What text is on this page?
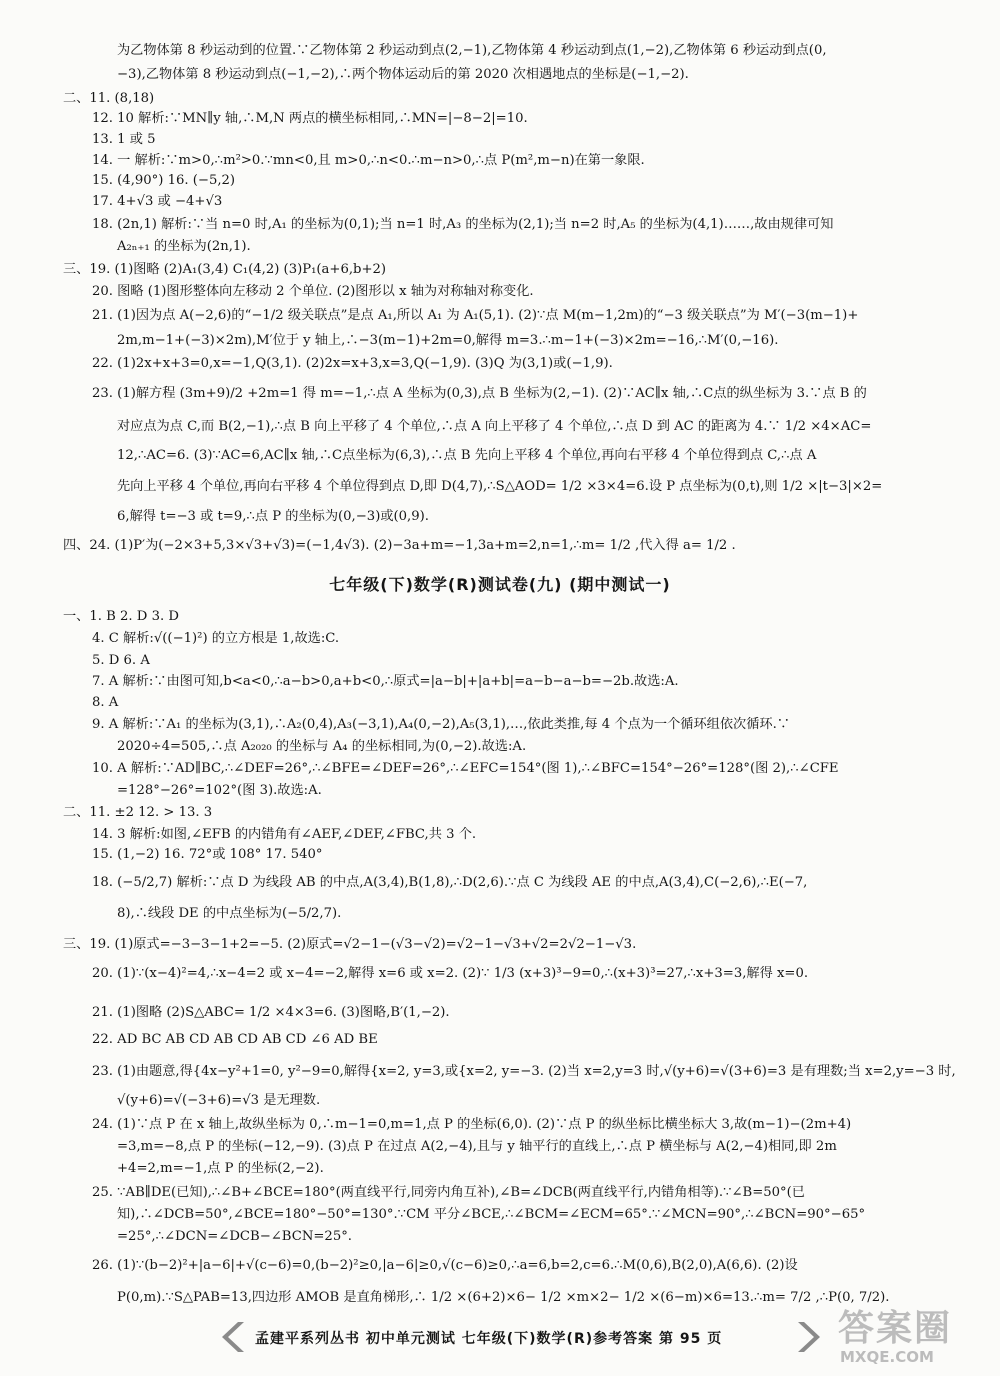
为乙物体第 8 秒运动到的位置.∵乙物体第 2 秒运动到点(2,−1),乙物体第 4 秒运动到点(1,−2),乙物体第 6 秒运动到点(0,
−3),乙物体第 8 秒运动到点(−1,−2),∴两个物体运动后的第 2020 次相遇地点的坐标是(−1,−2).
二、11. (8,18)
12. 10 解析:∵MN∥y 轴,∴M,N 两点的横坐标相同,∴MN=|−8−2|=10.
13. 1 或 5
14. 一 解析:∵m>0,∴m²>0.∵mn<0,且 m>0,∴n<0.∴m−n>0,∴点 P(m²,m−n)在第一象限.
15. (4,90°) 16. (−5,2)
17. 4+√3 或 −4+√3
18. (2n,1) 解析:∵当 n=0 时,A₁ 的坐标为(0,1);当 n=1 时,A₃ 的坐标为(2,1);当 n=2 时,A₅ 的坐标为(4,1)……,故由规律可知
A₂ₙ₊₁ 的坐标为(2n,1).
三、19. (1)图略 (2)A₁(3,4) C₁(4,2) (3)P₁(a+6,b+2)
20. 图略 (1)图形整体向左移动 2 个单位. (2)图形以 x 轴为对称轴对称变化.
21. (1)因为点 A(−2,6)的“−1/2 级关联点”是点 A₁,所以 A₁ 为 A₁(5,1). (2)∵点 M(m−1,2m)的“−3 级关联点”为 M′(−3(m−1)+
2m,m−1+(−3)×2m),M′位于 y 轴上,∴−3(m−1)+2m=0,解得 m=3.∴m−1+(−3)×2m=−16,∴M′(0,−16).
22. (1)2x+x+3=0,x=−1,Q(3,1). (2)2x=x+3,x=3,Q(−1,9). (3)Q 为(3,1)或(−1,9).
23. (1)解方程 (3m+9)/2 +2m=1 得 m=−1,∴点 A 坐标为(0,3),点 B 坐标为(2,−1). (2)∵AC∥x 轴,∴C点的纵坐标为 3.∵点 B 的
对应点为点 C,而 B(2,−1),∴点 B 向上平移了 4 个单位,∴点 A 向上平移了 4 个单位,∴点 D 到 AC 的距离为 4.∵ 1/2 ×4×AC=
12,∴AC=6. (3)∵AC=6,AC∥x 轴,∴C点坐标为(6,3),∴点 B 先向上平移 4 个单位,再向右平移 4 个单位得到点 C,∴点 A
先向上平移 4 个单位,再向右平移 4 个单位得到点 D,即 D(4,7),∴S△AOD= 1/2 ×3×4=6.设 P 点坐标为(0,t),则 1/2 ×|t−3|×2=
6,解得 t=−3 或 t=9,∴点 P 的坐标为(0,−3)或(0,9).
四、24. (1)P′为(−2×3+5,3×√3+√3)=(−1,4√3). (2)−3a+m=−1,3a+m=2,n=1,∴m= 1/2 ,代入得 a= 1/2 .
七年级(下)数学(R)测试卷(九) (期中测试一)
一、1. B 2. D 3. D
4. C 解析:√((−1)²) 的立方根是 1,故选:C.
5. D 6. A
7. A 解析:∵由图可知,b<a<0,∴a−b>0,a+b<0,∴原式=|a−b|+|a+b|=a−b−a−b=−2b.故选:A.
8. A
9. A 解析:∵A₁ 的坐标为(3,1),∴A₂(0,4),A₃(−3,1),A₄(0,−2),A₅(3,1),…,依此类推,每 4 个点为一个循环组依次循环.∵
2020÷4=505,∴点 A₂₀₂₀ 的坐标与 A₄ 的坐标相同,为(0,−2).故选:A.
10. A 解析:∵AD∥BC,∴∠DEF=26°,∴∠BFE=∠DEF=26°,∴∠EFC=154°(图 1),∴∠BFC=154°−26°=128°(图 2),∴∠CFE
=128°−26°=102°(图 3).故选:A.
二、11. ±2 12. > 13. 3
14. 3 解析:如图,∠EFB 的内错角有∠AEF,∠DEF,∠FBC,共 3 个.
15. (1,−2) 16. 72°或 108° 17. 540°
18. (−5/2,7) 解析:∵点 D 为线段 AB 的中点,A(3,4),B(1,8),∴D(2,6).∵点 C 为线段 AE 的中点,A(3,4),C(−2,6),∴E(−7,
8),∴线段 DE 的中点坐标为(−5/2,7).
三、19. (1)原式=−3−3−1+2=−5. (2)原式=√2−1−(√3−√2)=√2−1−√3+√2=2√2−1−√3.
20. (1)∵(x−4)²=4,∴x−4=2 或 x−4=−2,解得 x=6 或 x=2. (2)∵ 1/3 (x+3)³−9=0,∴(x+3)³=27,∴x+3=3,解得 x=0.
21. (1)图略 (2)S△ABC= 1/2 ×4×3=6. (3)图略,B′(1,−2).
22. AD BC AB CD AB CD AB CD ∠6 AD BE
23. (1)由题意,得{4x−y²+1=0, y²−9=0,解得{x=2, y=3,或{x=2, y=−3. (2)当 x=2,y=3 时,√(y+6)=√(3+6)=3 是有理数;当 x=2,y=−3 时,
√(y+6)=√(−3+6)=√3 是无理数.
24. (1)∵点 P 在 x 轴上,故纵坐标为 0,∴m−1=0,m=1,点 P 的坐标(6,0). (2)∵点 P 的纵坐标比横坐标大 3,故(m−1)−(2m+4)
=3,m=−8,点 P 的坐标(−12,−9). (3)点 P 在过点 A(2,−4),且与 y 轴平行的直线上,∴点 P 横坐标与 A(2,−4)相同,即 2m
+4=2,m=−1,点 P 的坐标(2,−2).
25. ∵AB∥DE(已知),∴∠B+∠BCE=180°(两直线平行,同旁内角互补),∠B=∠DCB(两直线平行,内错角相等).∵∠B=50°(已
知),∴∠DCB=50°,∠BCE=180°−50°=130°.∵CM 平分∠BCE,∴∠BCM=∠ECM=65°.∵∠MCN=90°,∴∠BCN=90°−65°
=25°,∴∠DCN=∠DCB−∠BCN=25°.
26. (1)∵(b−2)²+|a−6|+√(c−6)=0,(b−2)²≥0,|a−6|≥0,√(c−6)≥0,∴a=6,b=2,c=6.∴M(0,6),B(2,0),A(6,6). (2)设
P(0,m).∵S△PAB=13,四边形 AMOB 是直角梯形,∴ 1/2 ×(6+2)×6− 1/2 ×m×2− 1/2 ×(6−m)×6=13.∴m= 7/2 ,∴P(0, 7/2).
孟建平系列丛书 初中单元测试 七年级(下)数学(R)参考答案 第 95 页	答案圈
MXQE.COM
